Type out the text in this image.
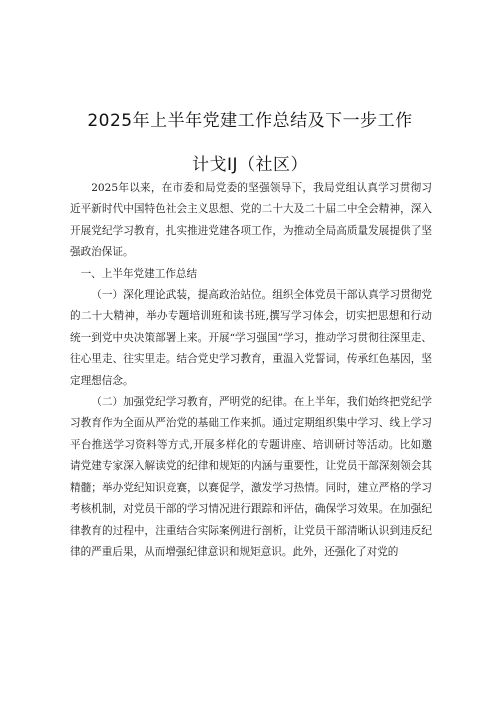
2025年上半年党建工作总结及下一步工作
计戈IJ（社区）

2025年以来，在市委和局党委的坚强领导下，我局党组认真学习贯彻习近平新时代中国特色社会主义思想、党的二十大及二十届二中全会精神，深入开展党纪学习教育，扎实推进党建各项工作，为推动全局高质量发展提供了坚强政治保证。

一、上半年党建工作总结

（一）深化理论武装，提高政治站位。组织全体党员干部认真学习贯彻党的二十大精神，举办专题培训班和读书班,撰写学习体会，切实把思想和行动统一到党中央决策部署上来。开展“学习强国”学习，推动学习贯彻往深里走、往心里走、往实里走。结合党史学习教育，重温入党誓词，传承红色基因，坚定理想信念。

（二）加强党纪学习教育，严明党的纪律。在上半年，我们始终把党纪学习教育作为全面从严治党的基础工作来抓。通过定期组织集中学习、线上学习平台推送学习资料等方式,开展多样化的专题讲座、培训研讨等活动。比如邀请党建专家深入解读党的纪律和规矩的内涵与重要性，让党员干部深刻领会其精髓；举办党纪知识竞赛，以赛促学，激发学习热情。同时，建立严格的学习考核机制，对党员干部的学习情况进行跟踪和评估，确保学习效果。在加强纪律教育的过程中，注重结合实际案例进行剖析，让党员干部清晰认识到违反纪律的严重后果，从而增强纪律意识和规矩意识。此外，还强化了对党的
